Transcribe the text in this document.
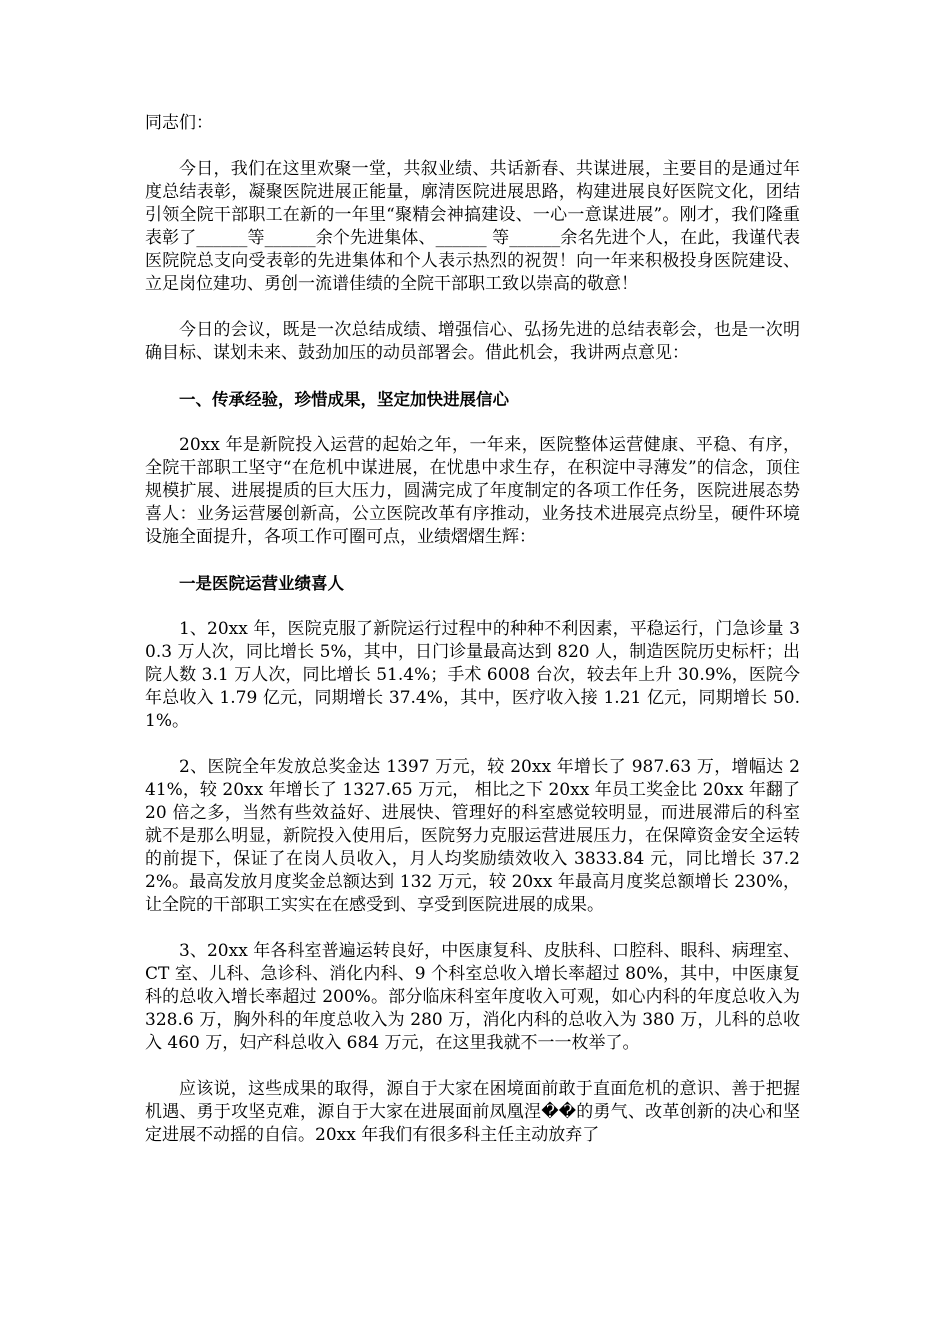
同志们：

今日，我们在这里欢聚一堂，共叙业绩、共话新春、共谋进展，主要目的是通过年度总结表彰，凝聚医院进展正能量，廓清医院进展思路，构建进展良好医院文化，团结引领全院干部职工在新的一年里“聚精会神搞建设、一心一意谋进展”。刚才，我们隆重表彰了______等______余个先进集体、______ 等______余名先进个人，在此，我谨代表医院院总支向受表彰的先进集体和个人表示热烈的祝贺！向一年来积极投身医院建设、立足岗位建功、勇创一流谱佳绩的全院干部职工致以崇高的敬意！

今日的会议，既是一次总结成绩、增强信心、弘扬先进的总结表彰会，也是一次明确目标、谋划未来、鼓劲加压的动员部署会。借此机会，我讲两点意见：

一、传承经验，珍惜成果，坚定加快进展信心

20xx 年是新院投入运营的起始之年，一年来，医院整体运营健康、平稳、有序，全院干部职工坚守“在危机中谋进展，在忧患中求生存，在积淀中寻薄发”的信念，顶住规模扩展、进展提质的巨大压力，圆满完成了年度制定的各项工作任务，医院进展态势喜人：业务运营屡创新高，公立医院改革有序推动，业务技术进展亮点纷呈，硬件环境设施全面提升，各项工作可圈可点，业绩熠熠生辉：

一是医院运营业绩喜人

1、20xx 年，医院克服了新院运行过程中的种种不利因素，平稳运行，门急诊量 30.3 万人次，同比增长 5%，其中，日门诊量最高达到 820 人，制造医院历史标杆；出院人数 3.1 万人次，同比增长 51.4%；手术 6008 台次，较去年上升 30.9%，医院今年总收入 1.79 亿元，同期增长 37.4%，其中，医疗收入接 1.21 亿元，同期增长 50.1%。

2、医院全年发放总奖金达 1397 万元，较 20xx 年增长了 987.63 万，增幅达 241%，较 20xx 年增长了 1327.65 万元， 相比之下 20xx 年员工奖金比 20xx 年翻了 20 倍之多，当然有些效益好、进展快、管理好的科室感觉较明显，而进展滞后的科室就不是那么明显，新院投入使用后，医院努力克服运营进展压力，在保障资金安全运转的前提下，保证了在岗人员收入，月人均奖励绩效收入 3833.84 元，同比增长 37.22%。最高发放月度奖金总额达到 132 万元，较 20xx 年最高月度奖总额增长 230%，让全院的干部职工实实在在感受到、享受到医院进展的成果。

3、20xx 年各科室普遍运转良好，中医康复科、皮肤科、口腔科、眼科、病理室、CT 室、儿科、急诊科、消化内科、9 个科室总收入增长率超过 80%，其中，中医康复科的总收入增长率超过 200%。部分临床科室年度收入可观，如心内科的年度总收入为 328.6 万，胸外科的年度总收入为 280 万，消化内科的总收入为 380 万，儿科的总收入 460 万，妇产科总收入 684 万元，在这里我就不一一枚举了。

应该说，这些成果的取得，源自于大家在困境面前敢于直面危机的意识、善于把握机遇、勇于攻坚克难，源自于大家在进展面前凤凰涅��的勇气、改革创新的决心和坚定进展不动摇的自信。20xx 年我们有很多科主任主动放弃了
